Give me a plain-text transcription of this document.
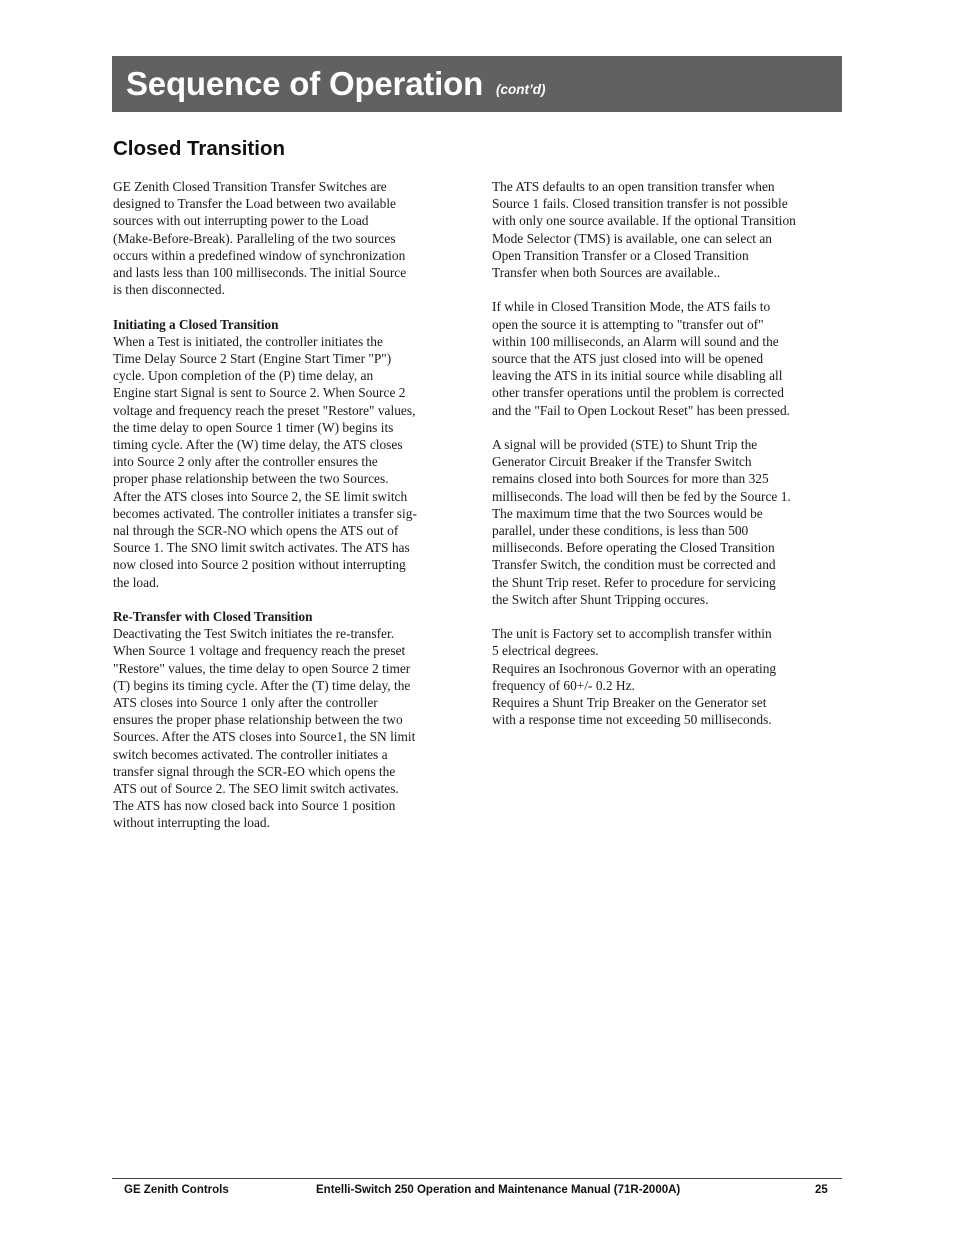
Sequence of Operation (cont’d)
Closed Transition

GE Zenith Closed Transition Transfer Switches are
designed to Transfer the Load between two available
sources with out interrupting power to the Load
(Make-Before-Break). Paralleling of the two sources
occurs within a predefined window of synchronization
and lasts less than 100 milliseconds. The initial Source
is then disconnected.

Initiating a Closed Transition

When a Test is initiated, the controller initiates the
Time Delay Source 2 Start (Engine Start Timer "P")
cycle. Upon completion of the (P) time delay, an
Engine start Signal is sent to Source 2. When Source 2
voltage and frequency reach the preset "Restore" values,
the time delay to open Source 1 timer (W) begins its
timing cycle. After the (W) time delay, the ATS closes
into Source 2 only after the controller ensures the
proper phase relationship between the two Sources.
After the ATS closes into Source 2, the SE limit switch
becomes activated. The controller initiates a transfer sig-
nal through the SCR-NO which opens the ATS out of
Source 1. The SNO limit switch activates. The ATS has
now closed into Source 2 position without interrupting
the load.

Re-Transfer with Closed Transition

Deactivating the Test Switch initiates the re-transfer.
When Source 1 voltage and frequency reach the preset
"Restore" values, the time delay to open Source 2 timer
(T) begins its timing cycle. After the (T) time delay, the
ATS closes into Source 1 only after the controller
ensures the proper phase relationship between the two
Sources. After the ATS closes into Source1, the SN limit
switch becomes activated. The controller initiates a
transfer signal through the SCR-EO which opens the
ATS out of Source 2. The SEO limit switch activates.
The ATS has now closed back into Source 1 position
without interrupting the load.

The ATS defaults to an open transition transfer when
Source 1 fails. Closed transition transfer is not possible
with only one source available. If the optional Transition
Mode Selector (TMS) is available, one can select an
Open Transition Transfer or a Closed Transition
Transfer when both Sources are available..

If while in Closed Transition Mode, the ATS fails to
open the source it is attempting to "transfer out of"
within 100 milliseconds, an Alarm will sound and the
source that the ATS just closed into will be opened
leaving the ATS in its initial source while disabling all
other transfer operations until the problem is corrected
and the "Fail to Open Lockout Reset" has been pressed.

A signal will be provided (STE) to Shunt Trip the
Generator Circuit Breaker if the Transfer Switch
remains closed into both Sources for more than 325
milliseconds. The load will then be fed by the Source 1.
The maximum time that the two Sources would be
parallel, under these conditions, is less than 500
milliseconds. Before operating the Closed Transition
Transfer Switch, the condition must be corrected and
the Shunt Trip reset. Refer to procedure for servicing
the Switch after Shunt Tripping occures.

The unit is Factory set to accomplish transfer within
5 electrical degrees.
Requires an Isochronous Governor with an operating
frequency of 60+/- 0.2 Hz.
Requires a Shunt Trip Breaker on the Generator set
with a response time not exceeding 50 milliseconds.

GE Zenith Controls	Entelli-Switch 250 Operation and Maintenance Manual (71R-2000A)	25
